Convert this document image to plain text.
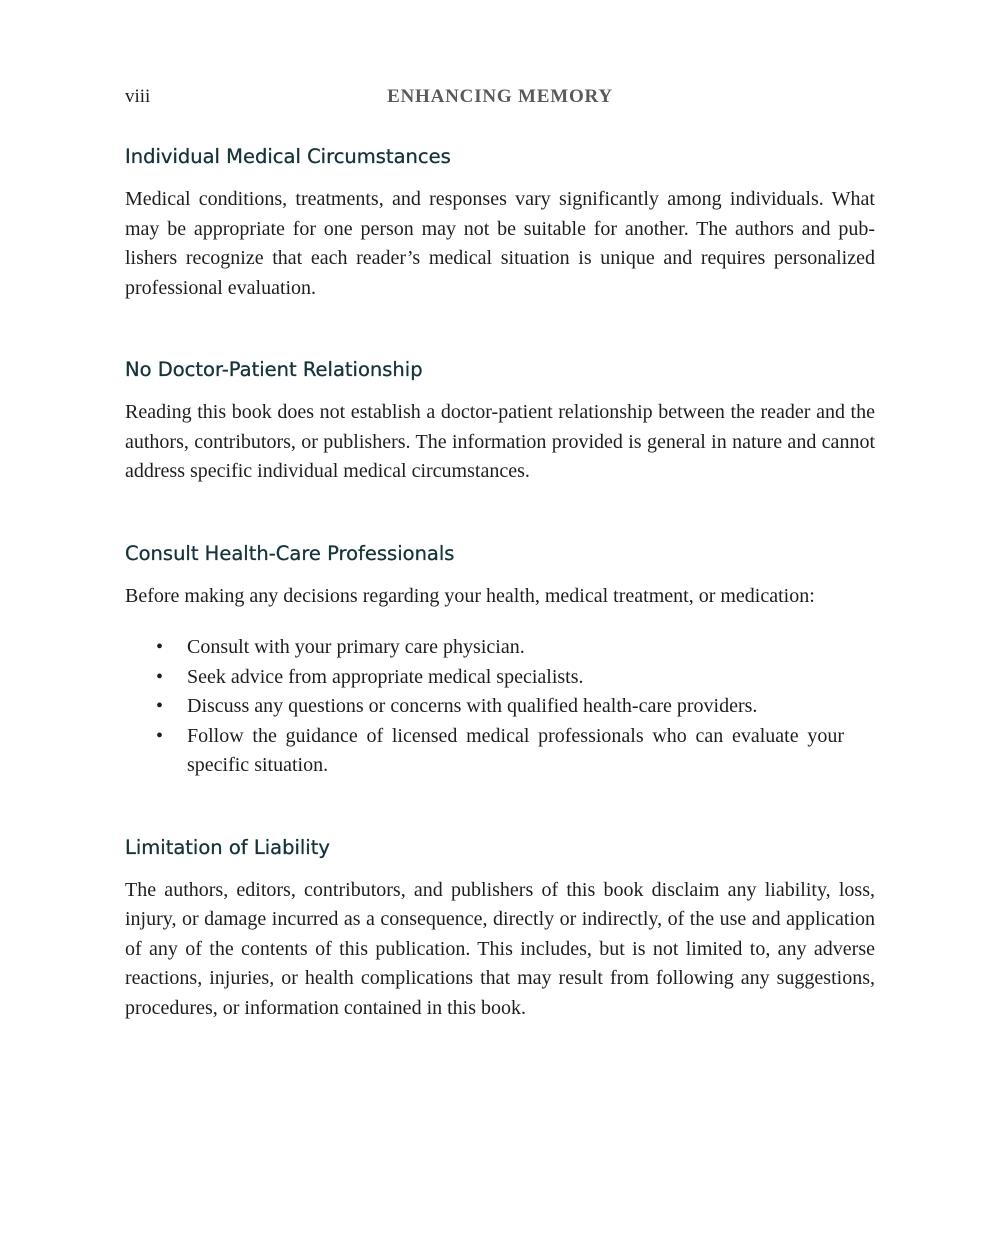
viii	ENHANCING MEMORY
Individual Medical Circumstances

Medical conditions, treatments, and responses vary significantly among individuals. What may be appropriate for one person may not be suitable for another. The authors and publishers recognize that each reader’s medical situation is unique and requires personalized professional evaluation.

No Doctor-Patient Relationship

Reading this book does not establish a doctor-patient relationship between the reader and the authors, contributors, or publishers. The information provided is general in nature and cannot address specific individual medical circumstances.

Consult Health-Care Professionals

Before making any decisions regarding your health, medical treatment, or medication:

• Consult with your primary care physician.
• Seek advice from appropriate medical specialists.
• Discuss any questions or concerns with qualified health-care providers.
• Follow the guidance of licensed medical professionals who can evaluate your specific situation.
Limitation of Liability

The authors, editors, contributors, and publishers of this book disclaim any liability, loss, injury, or damage incurred as a consequence, directly or indirectly, of the use and application of any of the contents of this publication. This includes, but is not limited to, any adverse reactions, injuries, or health complications that may result from following any suggestions, procedures, or information contained in this book.
